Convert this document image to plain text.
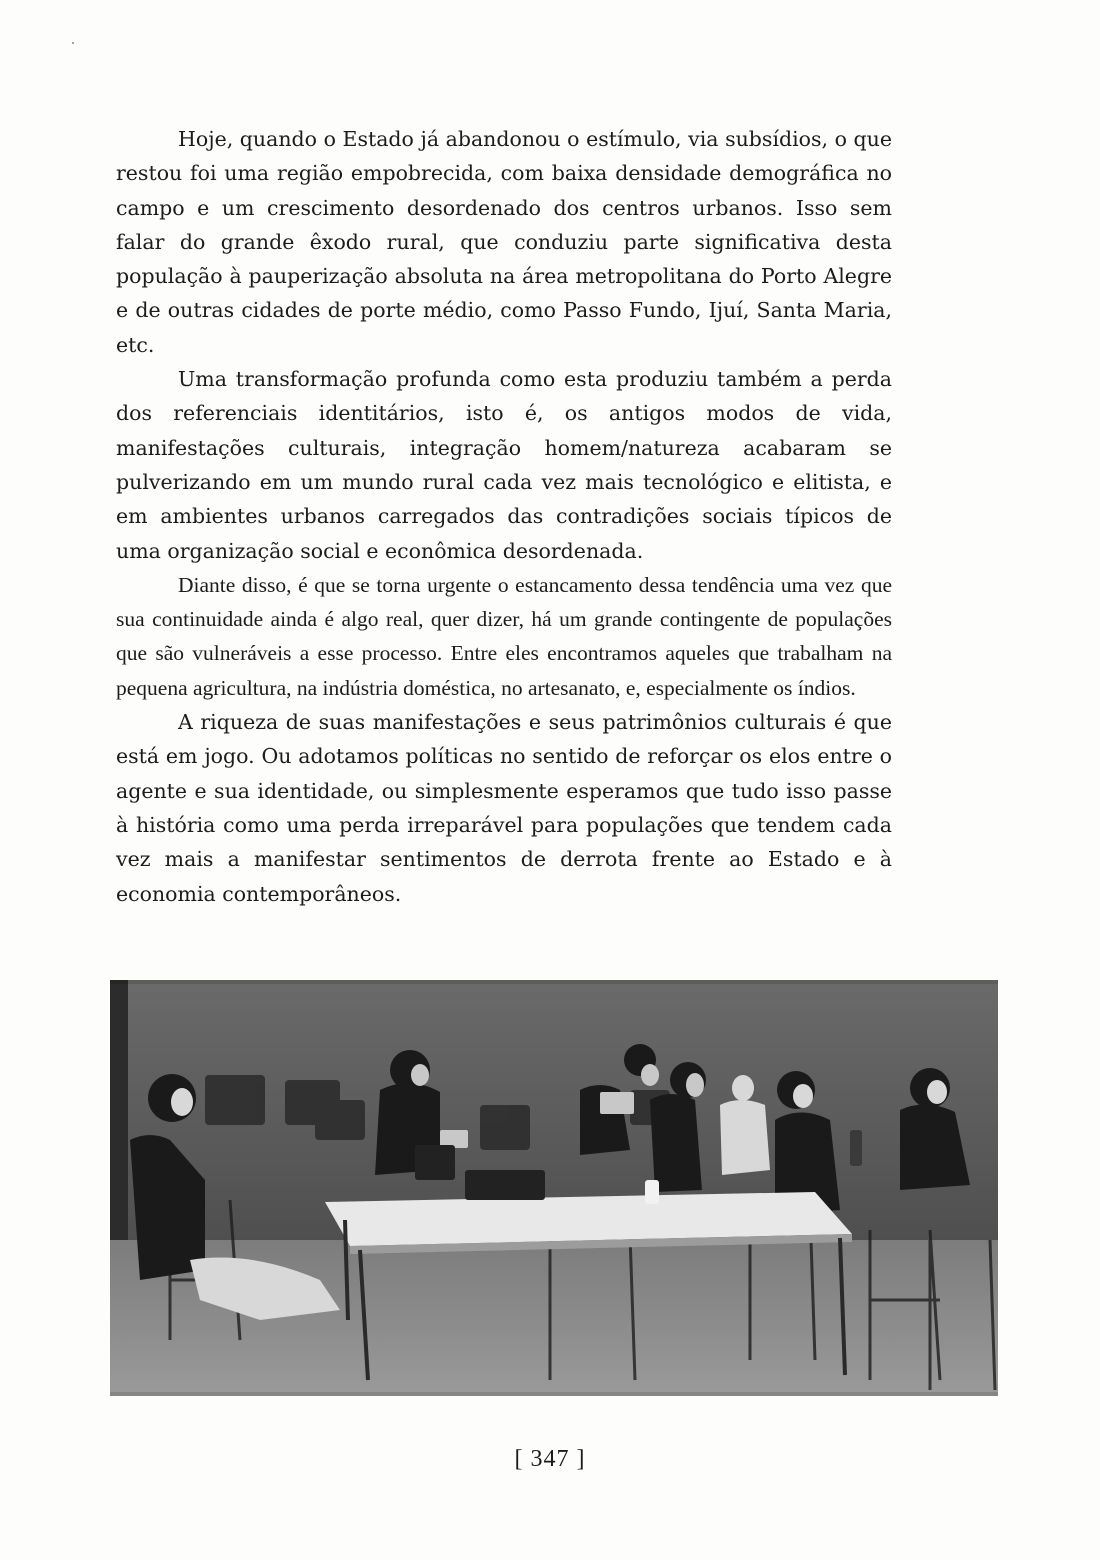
Hoje, quando o Estado já abandonou o estímulo, via subsídios, o que restou foi uma região empobrecida, com baixa densidade demográfica no campo e um crescimento desordenado dos centros urbanos. Isso sem falar do grande êxodo rural, que conduziu parte significativa desta população à pauperização absoluta na área metropolitana do Porto Alegre e de outras cidades de porte médio, como Passo Fundo, Ijuí, Santa Maria, etc.

Uma transformação profunda como esta produziu também a perda dos referenciais identitários, isto é, os antigos modos de vida, manifestações culturais, integração homem/natureza acabaram se pulverizando em um mundo rural cada vez mais tecnológico e elitista, e em ambientes urbanos carregados das contradições sociais típicos de uma organização social e econômica desordenada.

Diante disso, é que se torna urgente o estancamento dessa tendência uma vez que sua continuidade ainda é algo real, quer dizer, há um grande contingente de populações que são vulneráveis a esse processo. Entre eles encontramos aqueles que trabalham na pequena agricultura, na indústria doméstica, no artesanato, e, especialmente os índios.

A riqueza de suas manifestações e seus patrimônios culturais é que está em jogo. Ou adotamos políticas no sentido de reforçar os elos entre o agente e sua identidade, ou simplesmente esperamos que tudo isso passe à história como uma perda irreparável para populações que tendem cada vez mais a manifestar sentimentos de derrota frente ao Estado e à economia contemporâneos.

[ 347 ]
